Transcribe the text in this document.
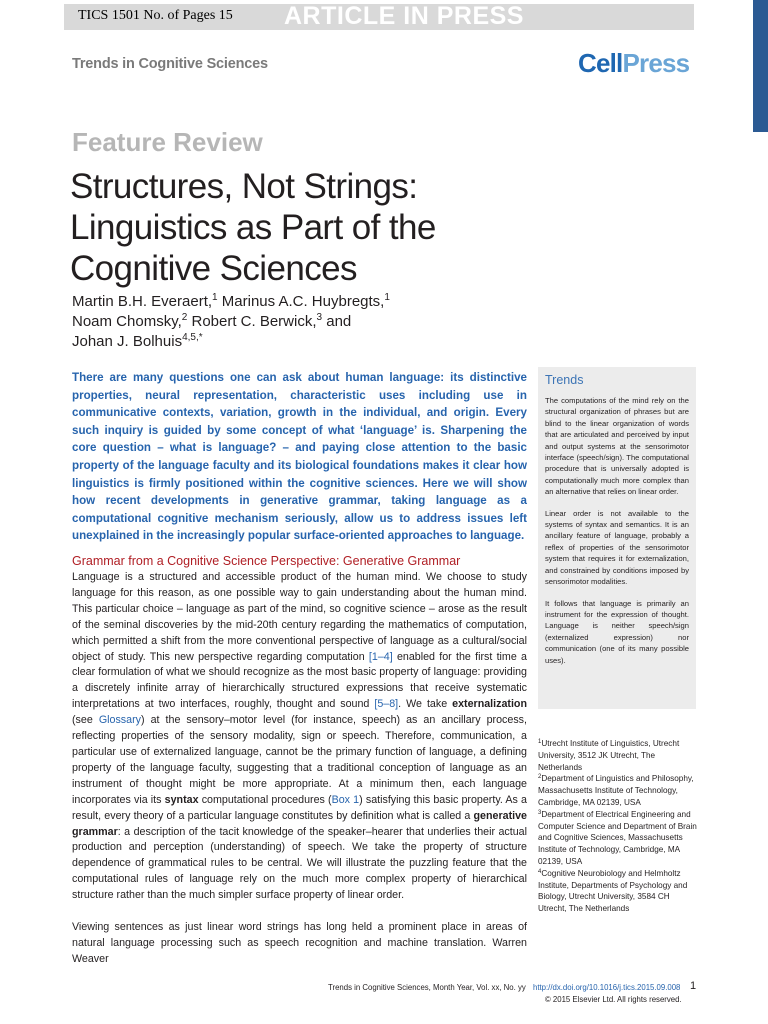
TICS 1501 No. of Pages 15 ARTICLE IN PRESS
Trends in Cognitive Sciences	CellPress
Feature Review
Structures, Not Strings:
Linguistics as Part of the
Cognitive Sciences
Martin B.H. Everaert,$^1$ Marinus A.C. Huybregts,$^1$
Noam Chomsky,$^2$ Robert C. Berwick,$^3$ and
Johan J. Bolhuis$^{4,5,*}$
There are many questions one can ask about human language: its distinctive properties, neural representation, characteristic uses including use in communicative contexts, variation, growth in the individual, and origin. Every such inquiry is guided by some concept of what ‘language’ is. Sharpening the core question – what is language? – and paying close attention to the basic property of the language faculty and its biological foundations makes it clear how linguistics is firmly positioned within the cognitive sciences. Here we will show how recent developments in generative grammar, taking language as a computational cognitive mechanism seriously, allow us to address issues left unexplained in the increasingly popular surface-oriented approaches to language.
Grammar from a Cognitive Science Perspective: Generative Grammar

Language is a structured and accessible product of the human mind. We choose to study language for this reason, as one possible way to gain understanding about the human mind. This particular choice – language as part of the mind, so cognitive science – arose as the result of the seminal discoveries by the mid-20th century regarding the mathematics of computation, which permitted a shift from the more conventional perspective of language as a cultural/social object of study. This new perspective regarding computation [1–4] enabled for the first time a clear formulation of what we should recognize as the most basic property of language: providing a discretely infinite array of hierarchically structured expressions that receive systematic interpretations at two interfaces, roughly, thought and sound [5–8]. We take externalization (see Glossary) at the sensory–motor level (for instance, speech) as an ancillary process, reflecting properties of the sensory modality, sign or speech. Therefore, communication, a particular use of externalized language, cannot be the primary function of language, a defining property of the language faculty, suggesting that a traditional conception of language as an instrument of thought might be more appropriate. At a minimum then, each language incorporates via its syntax computational procedures (Box 1) satisfying this basic property. As a result, every theory of a particular language constitutes by definition what is called a generative grammar: a description of the tacit knowledge of the speaker–hearer that underlies their actual production and perception (understanding) of speech. We take the property of structure dependence of grammatical rules to be central. We will illustrate the puzzling feature that the computational rules of language rely on the much more complex property of hierarchical structure rather than the much simpler surface property of linear order.

Viewing sentences as just linear word strings has long held a prominent place in areas of natural language processing such as speech recognition and machine translation. Warren Weaver

Trends

The computations of the mind rely on the structural organization of phrases but are blind to the linear organization of words that are articulated and perceived by input and output systems at the sensorimotor interface (speech/sign). The computational procedure that is universally adopted is computationally much more complex than an alternative that relies on linear order.

Linear order is not available to the systems of syntax and semantics. It is an ancillary feature of language, probably a reflex of properties of the sensorimotor system that requires it for externalization, and constrained by conditions imposed by sensorimotor modalities.

It follows that language is primarily an instrument for the expression of thought. Language is neither speech/sign (externalized expression) nor communication (one of its many possible uses).

$^1$Utrecht Institute of Linguistics, Utrecht University, 3512 JK Utrecht, The Netherlands

$^2$Department of Linguistics and Philosophy, Massachusetts Institute of Technology, Cambridge, MA 02139, USA

$^3$Department of Electrical Engineering and Computer Science and Department of Brain and Cognitive Sciences, Massachusetts Institute of Technology, Cambridge, MA 02139, USA

$^4$Cognitive Neurobiology and Helmholtz Institute, Departments of Psychology and Biology, Utrecht University, 3584 CH Utrecht, The Netherlands

Trends in Cognitive Sciences, Month Year, Vol. xx, No. yy http://dx.doi.org/10.1016/j.tics.2015.09.008 1
© 2015 Elsevier Ltd. All rights reserved.
